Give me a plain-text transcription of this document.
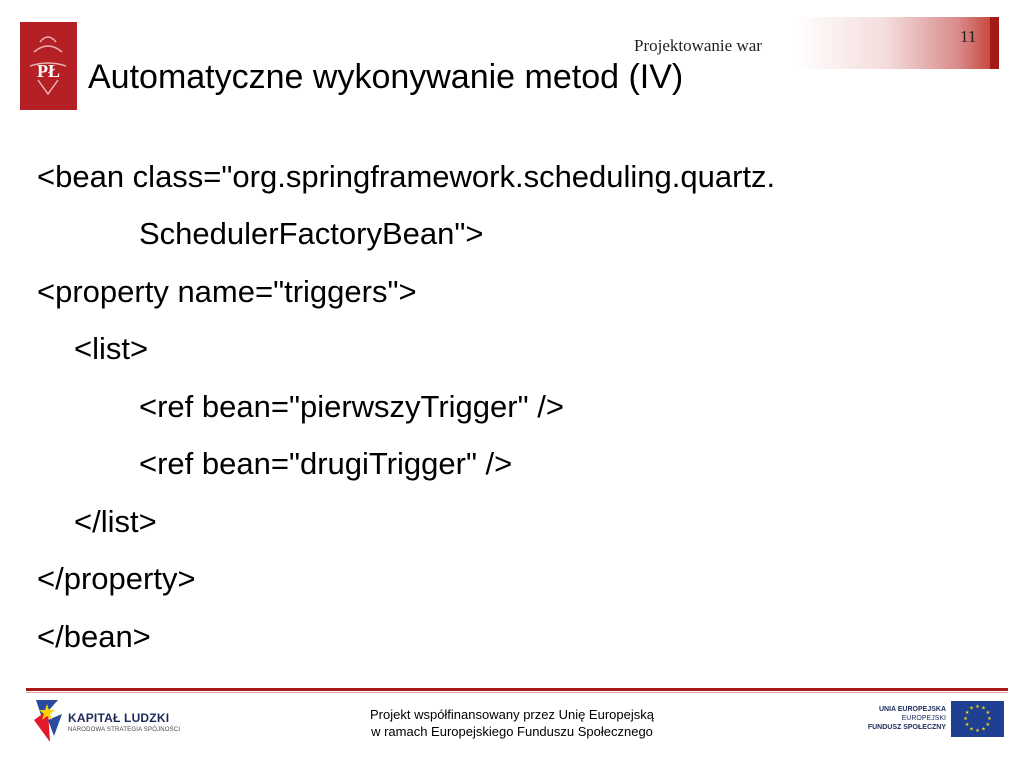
PŁ
11
Projektowanie war
Automatyczne wykonywanie metod (IV)
<bean class="org.springframework.scheduling.quartz.
SchedulerFactoryBean">
<property name="triggers">
<list>
<ref bean="pierwszyTrigger" />
<ref bean="drugiTrigger" />
</list>
</property>
</bean>
KAPITAŁ LUDZKI
NARODOWA STRATEGIA SPÓJNOŚCI
Projekt współfinansowany przez Unię Europejską
w ramach Europejskiego Funduszu Społecznego
UNIA EUROPEJSKA
EUROPEJSKI
FUNDUSZ SPOŁECZNY
★ ★
★
★
★
★
★
★
★
★
★
★
